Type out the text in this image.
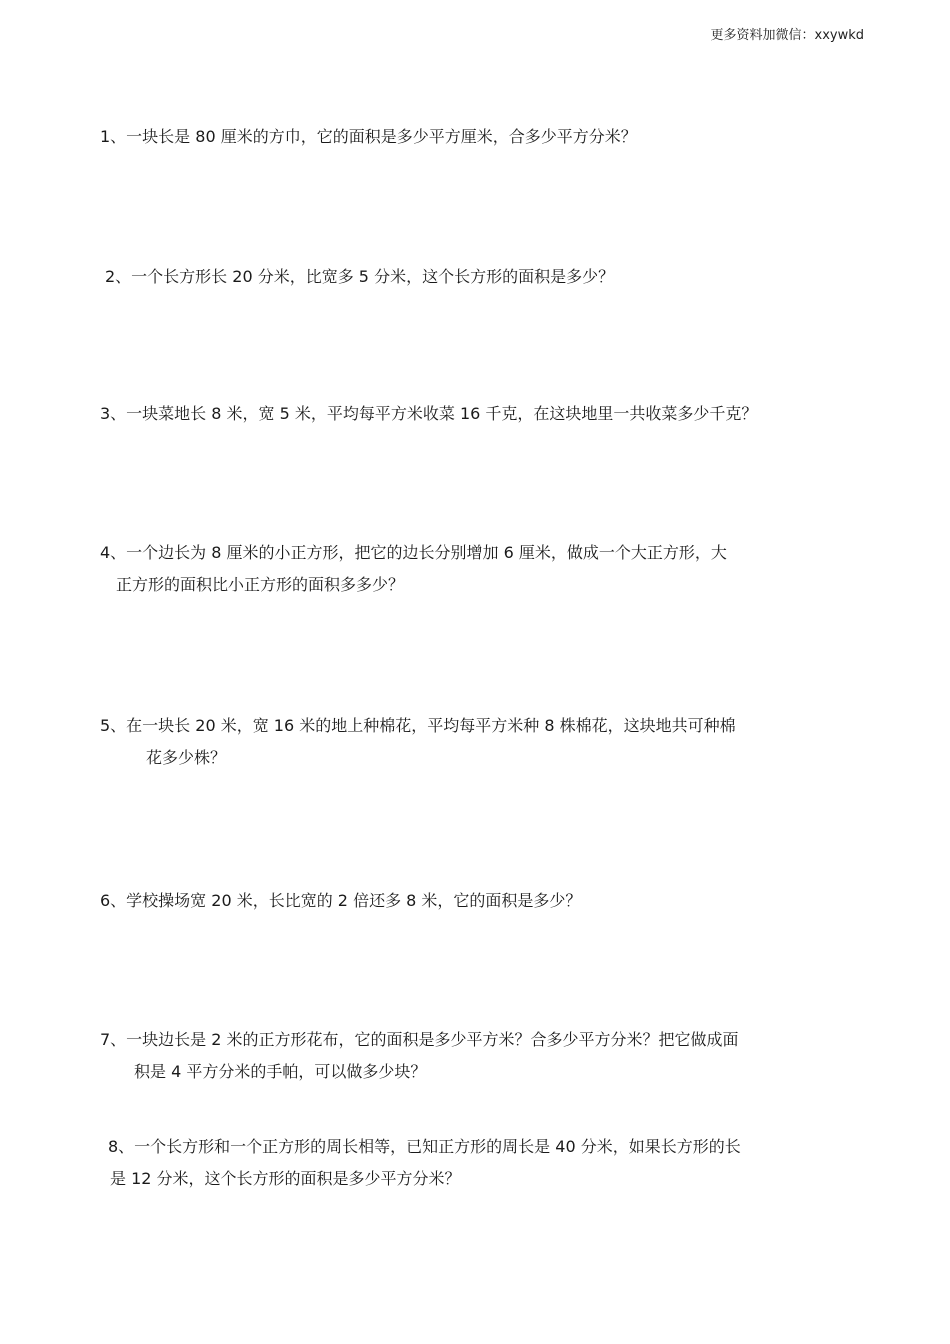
更多资料加微信：xxywkd
1、一块长是 80 厘米的方巾，它的面积是多少平方厘米，合多少平方分米？
2、一个长方形长 20 分米，比宽多 5 分米，这个长方形的面积是多少？
3、一块菜地长 8 米，宽 5 米，平均每平方米收菜 16 千克，在这块地里一共收菜多少千克？
4、一个边长为 8 厘米的小正方形，把它的边长分别增加 6 厘米，做成一个大正方形，大
正方形的面积比小正方形的面积多多少？
5、在一块长 20 米，宽 16 米的地上种棉花，平均每平方米种 8 株棉花，这块地共可种棉
花多少株？
6、学校操场宽 20 米，长比宽的 2 倍还多 8 米，它的面积是多少？
7、一块边长是 2 米的正方形花布，它的面积是多少平方米？合多少平方分米？把它做成面
积是 4 平方分米的手帕，可以做多少块？
8、一个长方形和一个正方形的周长相等，已知正方形的周长是 40 分米，如果长方形的长
是 12 分米，这个长方形的面积是多少平方分米？
